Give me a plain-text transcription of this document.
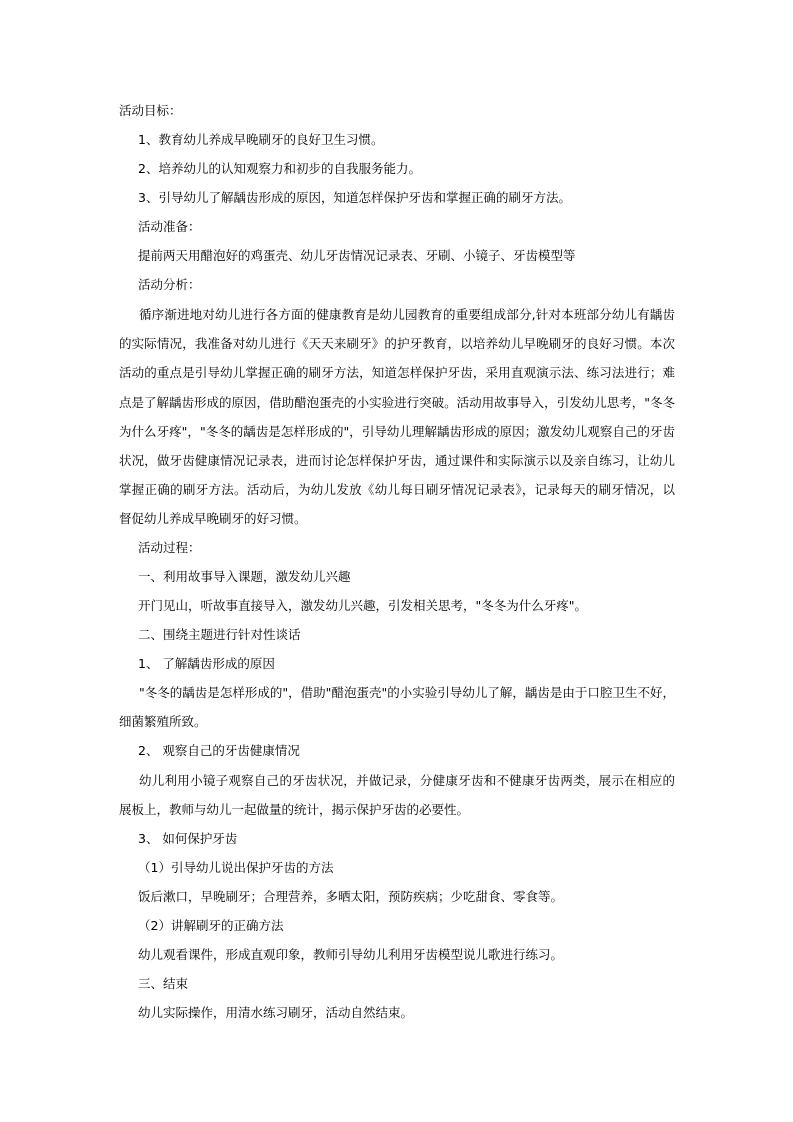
活动目标：

1、教育幼儿养成早晚刷牙的良好卫生习惯。

2、培养幼儿的认知观察力和初步的自我服务能力。

3、引导幼儿了解龋齿形成的原因，知道怎样保护牙齿和掌握正确的刷牙方法。

活动准备：

提前两天用醋泡好的鸡蛋壳、幼儿牙齿情况记录表、牙刷、小镜子、牙齿模型等

活动分析：

循序渐进地对幼儿进行各方面的健康教育是幼儿园教育的重要组成部分,针对本班部分幼儿有龋齿的实际情况，我准备对幼儿进行《天天来刷牙》的护牙教育，以培养幼儿早晚刷牙的良好习惯。本次活动的重点是引导幼儿掌握正确的刷牙方法，知道怎样保护牙齿，采用直观演示法、练习法进行；难点是了解龋齿形成的原因，借助醋泡蛋壳的小实验进行突破。活动用故事导入，引发幼儿思考，"冬冬为什么牙疼"，"冬冬的龋齿是怎样形成的"，引导幼儿理解龋齿形成的原因；激发幼儿观察自己的牙齿状况，做牙齿健康情况记录表，进而讨论怎样保护牙齿，通过课件和实际演示以及亲自练习，让幼儿掌握正确的刷牙方法。活动后，为幼儿发放《幼儿每日刷牙情况记录表》，记录每天的刷牙情况，以督促幼儿养成早晚刷牙的好习惯。

活动过程：

一、利用故事导入课题，激发幼儿兴趣

开门见山，听故事直接导入，激发幼儿兴趣，引发相关思考，"冬冬为什么牙疼"。

二、围绕主题进行针对性谈话

1、 了解龋齿形成的原因

"冬冬的龋齿是怎样形成的"，借助"醋泡蛋壳"的小实验引导幼儿了解，龋齿是由于口腔卫生不好，细菌繁殖所致。

2、 观察自己的牙齿健康情况

幼儿利用小镜子观察自己的牙齿状况，并做记录，分健康牙齿和不健康牙齿两类，展示在相应的展板上，教师与幼儿一起做量的统计，揭示保护牙齿的必要性。

3、 如何保护牙齿

（1）引导幼儿说出保护牙齿的方法

饭后漱口，早晚刷牙；合理营养，多晒太阳，预防疾病；少吃甜食、零食等。

（2）讲解刷牙的正确方法

幼儿观看课件，形成直观印象，教师引导幼儿利用牙齿模型说儿歌进行练习。

三、结束

幼儿实际操作，用清水练习刷牙，活动自然结束。
